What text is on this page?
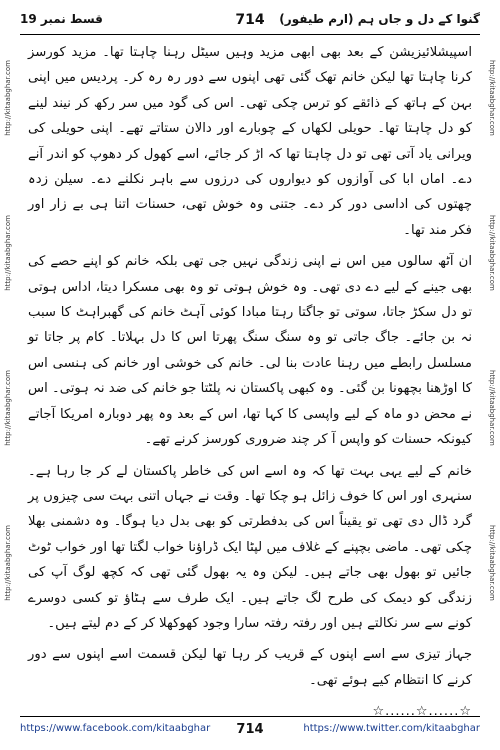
قسط نمبر 19	714	گنوا کے دل و جاں ہم (ارم طیفور)
http://kitaabghar.com
http://kitaabghar.com
http://kitaabghar.com
http://kitaabghar.com
http://kitaabghar.com
http://kitaabghar.com
http://kitaabghar.com
http://kitaabghar.com

اسپیشلائیزیشن کے بعد بھی ابھی مزید وہیں سیٹل رہنا چاہتا تھا۔ مزید کورسز کرنا چاہتا تھا لیکن خانم تھک گئی تھی اپنوں سے دور رہ رہ کر۔ پردیس میں اپنی بہن کے ہاتھ کے ذائقے کو ترس چکی تھی۔ اس کی گود میں سر رکھ کر نیند لینے کو دل چاہتا تھا۔ حویلی لکھاں کے چوبارے اور دالان ستاتے تھے۔ اپنی حویلی کی ویرانی یاد آتی تھی تو دل چاہتا تھا کہ اڑ کر جائے، اسے کھول کر دھوپ کو اندر آنے دے۔ اماں ابا کی آوازوں کو دیواروں کی درزوں سے باہر نکلنے دے۔ سیلن زدہ چھتوں کی اداسی دور کر دے۔ جتنی وہ خوش تھی، حسنات اتنا ہی بے زار اور فکر مند تھا۔

ان آٹھ سالوں میں اس نے اپنی زندگی نہیں جی تھی بلکہ خانم کو اپنے حصے کی بھی جینے کے لیے دے دی تھی۔ وہ خوش ہوتی تو وہ بھی مسکرا دیتا، اداس ہوتی تو دل سکڑ جاتا، سوتی تو جاگتا رہتا مبادا کوئی آہٹ خانم کی گھبراہٹ کا سبب نہ بن جائے۔ جاگ جاتی تو وہ سنگ سنگ پھرتا اس کا دل بہلاتا۔ کام پر جاتا تو مسلسل رابطے میں رہنا عادت بنا لی۔ خانم کی خوشی اور خانم کی ہنسی اس کا اوڑھنا بچھونا بن گئی۔ وہ کبھی پاکستان نہ پلٹتا جو خانم کی ضد نہ ہوتی۔ اس نے محض دو ماہ کے لیے واپسی کا کہا تھا، اس کے بعد وہ پھر دوبارہ امریکا آجاتے کیونکہ حسنات کو واپس آ کر چند ضروری کورسز کرنے تھے۔

خانم کے لیے یہی بہت تھا کہ وہ اسے اس کی خاطر پاکستان لے کر جا رہا ہے۔ سنہری اور اس کا خوف زائل ہو چکا تھا۔ وقت نے جہاں اتنی بہت سی چیزوں پر گرد ڈال دی تھی تو یقیناً اس کی بدفطرتی کو بھی بدل دیا ہوگا۔ وہ دشمنی بھلا چکی تھی۔ ماضی بچپنے کے غلاف میں لپٹا ایک ڈراؤنا خواب لگتا تھا اور خواب ٹوٹ جائیں تو بھول بھی جاتے ہیں۔ لیکن وہ یہ بھول گئی تھی کہ کچھ لوگ آپ کی زندگی کو دیمک کی طرح لگ جاتے ہیں۔ ایک طرف سے ہٹاؤ تو کسی دوسرے کونے سے سر نکالتے ہیں اور رفتہ رفتہ سارا وجود کھوکھلا کر کے دم لیتے ہیں۔

جہاز تیزی سے اسے اپنوں کے قریب کر رہا تھا لیکن قسمت اسے اپنوں سے دور کرنے کا انتظام کیے ہوئے تھی۔

☆......☆......☆
https://www.facebook.com/kitaabghar	714	https://www.twitter.com/kitaabghar
